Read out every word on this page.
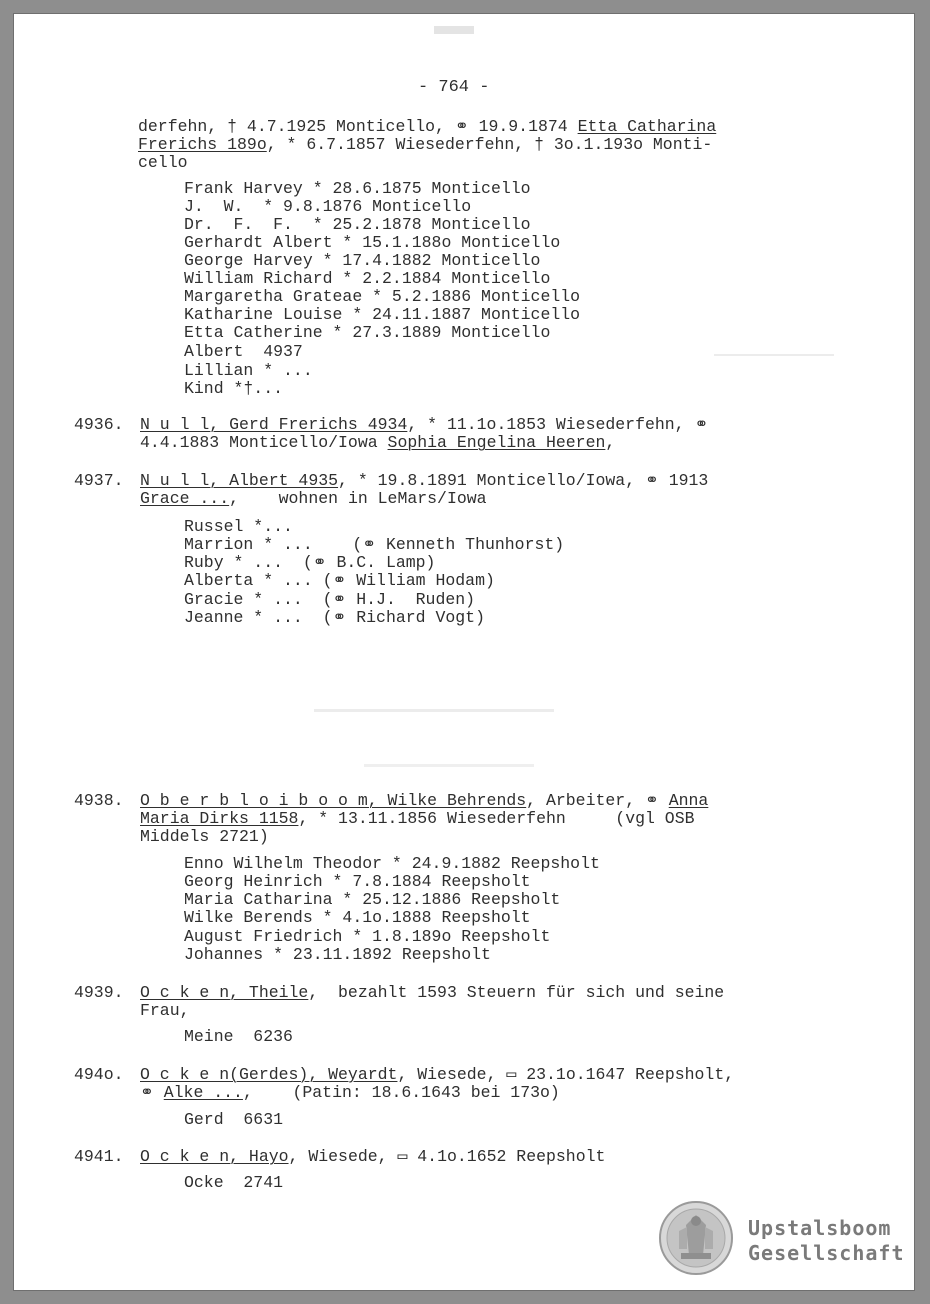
- 764 -
derfehn, † 4.7.1925 Monticello, ⚭ 19.9.1874 Etta Catharina
Frerichs 189o, * 6.7.1857 Wiesederfehn, † 3o.1.193o Monti-
cello
Frank Harvey * 28.6.1875 Monticello
J.  W.  * 9.8.1876 Monticello
Dr.  F.  F.  * 25.2.1878 Monticello
Gerhardt Albert * 15.1.188o Monticello
George Harvey * 17.4.1882 Monticello
William Richard * 2.2.1884 Monticello
Margaretha Grateae * 5.2.1886 Monticello
Katharine Louise * 24.11.1887 Monticello
Etta Catherine * 27.3.1889 Monticello
Albert  4937
Lillian * ...
Kind *†...
4936. N u l l, Gerd Frerichs 4934, * 11.1o.1853 Wiesederfehn, ⚭
4.4.1883 Monticello/Iowa Sophia Engelina Heeren,
4937. N u l l, Albert 4935, * 19.8.1891 Monticello/Iowa, ⚭ 1913
Grace ...,    wohnen in LeMars/Iowa
Russel *...
Marrion * ...    (⚭ Kenneth Thunhorst)
Ruby * ...  (⚭ B.C. Lamp)
Alberta * ... (⚭ William Hodam)
Gracie * ...  (⚭ H.J.  Ruden)
Jeanne * ...  (⚭ Richard Vogt)
4938. O b e r b l o i b o o m, Wilke Behrends, Arbeiter, ⚭ Anna
Maria Dirks 1158, * 13.11.1856 Wiesederfehn     (vgl OSB
Middels 2721)
Enno Wilhelm Theodor * 24.9.1882 Reepsholt
Georg Heinrich * 7.8.1884 Reepsholt
Maria Catharina * 25.12.1886 Reepsholt
Wilke Berends * 4.1o.1888 Reepsholt
August Friedrich * 1.8.189o Reepsholt
Johannes * 23.11.1892 Reepsholt
4939. O c k e n, Theile,  bezahlt 1593 Steuern für sich und seine
Frau,
Meine  6236
494o. O c k e n(Gerdes), Weyardt, Wiesede, ▭ 23.1o.1647 Reepsholt,
⚭ Alke ...,    (Patin: 18.6.1643 bei 173o)
Gerd  6631
4941. O c k e n, Hayo, Wiesede, ▭ 4.1o.1652 Reepsholt
Ocke  2741
Upstalsboom
Gesellschaft
